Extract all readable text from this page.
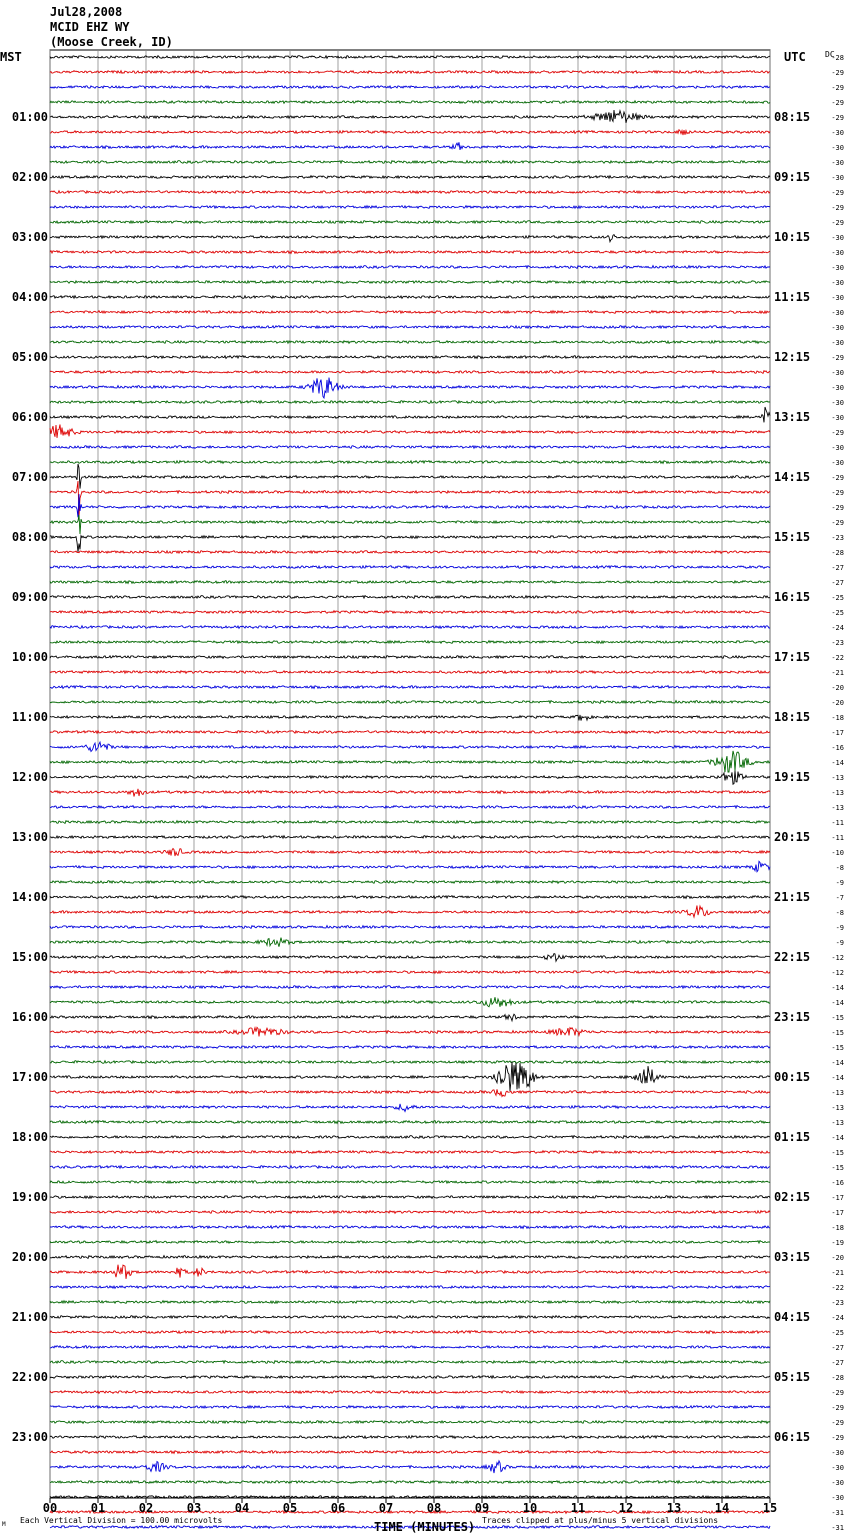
00	01	02	03	04	05	06	07	08	09	10	11	12	13	14	15
-28
-29
-29
-29
-29
01:00	08:15
-30
-30
-30
-30
02:00	09:15
-29
-29
-29
-30
03:00	10:15
-30
-30
-30
-30
04:00	11:15
-30
-30
-30
-29
05:00	12:15
-30
-30
-30
-30
06:00	13:15
-29
-30
-30
-29
07:00	14:15
-29
-29
-29
-23
08:00	15:15
-28
-27
-27
-25
09:00	16:15
-25
-24
-23
-22
10:00	17:15
-21
-20
-20
-18
11:00	18:15
-17
-16
-14
-13
12:00	19:15
-13
-13
-11
-11
13:00	20:15
-10
-8
-9
-7
14:00	21:15
-8
-9
-9
-12
15:00	22:15
-12
-14
-14
-15
16:00	23:15
-15
-15
-14
-14
17:00	00:15
-13
-13
-13
-14
18:00	01:15
-15
-15
-16
-17
19:00	02:15
-17
-18
-19
-20
20:00	03:15
-21
-22
-23
-24
21:00	04:15
-25
-27
-27
-28
22:00	05:15
-29
-29
-29
-29
23:00	06:15
-30
-30
-30
-30
-31
-31
Jul28,2008
MCID EHZ WY
(Moose Creek, ID)
MST	UTC DC
TIME (MINUTES)
Each Vertical Division = 100.00 microvolts	Traces clipped at plus/minus 5 vertical divisions
M
